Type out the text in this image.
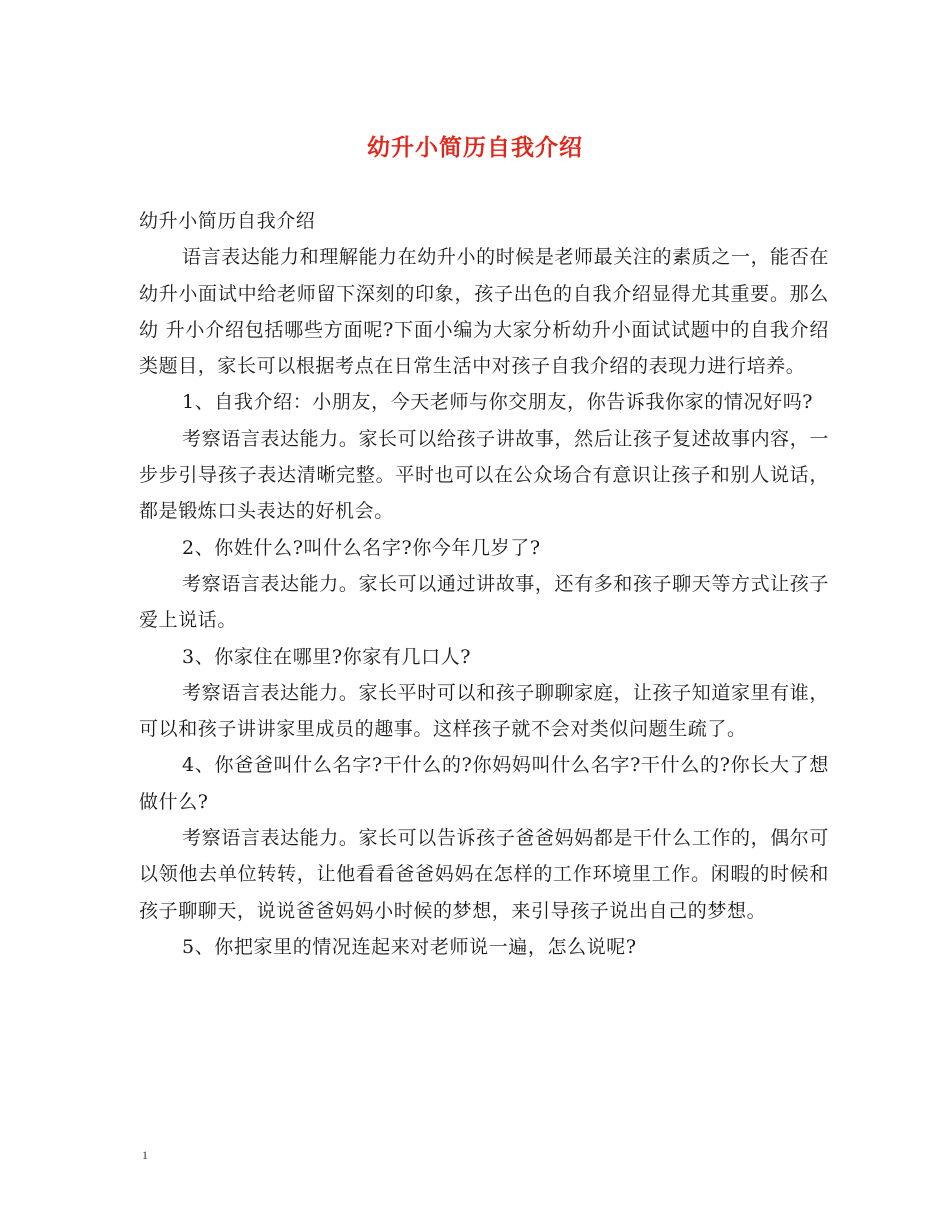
幼升小简历自我介绍

幼升小简历自我介绍

语言表达能力和理解能力在幼升小的时候是老师最关注的素质之一，能否在幼升小面试中给老师留下深刻的印象，孩子出色的自我介绍显得尤其重要。那么幼 升小介绍包括哪些方面呢?下面小编为大家分析幼升小面试试题中的自我介绍类题目，家长可以根据考点在日常生活中对孩子自我介绍的表现力进行培养。

1、自我介绍：小朋友，今天老师与你交朋友，你告诉我你家的情况好吗?

考察语言表达能力。家长可以给孩子讲故事，然后让孩子复述故事内容，一步步引导孩子表达清晰完整。平时也可以在公众场合有意识让孩子和别人说话，都是锻炼口头表达的好机会。

2、你姓什么?叫什么名字?你今年几岁了?

考察语言表达能力。家长可以通过讲故事，还有多和孩子聊天等方式让孩子爱上说话。

3、你家住在哪里?你家有几口人?

考察语言表达能力。家长平时可以和孩子聊聊家庭，让孩子知道家里有谁，可以和孩子讲讲家里成员的趣事。这样孩子就不会对类似问题生疏了。

4、你爸爸叫什么名字?干什么的?你妈妈叫什么名字?干什么的?你长大了想做什么?

考察语言表达能力。家长可以告诉孩子爸爸妈妈都是干什么工作的，偶尔可以领他去单位转转，让他看看爸爸妈妈在怎样的工作环境里工作。闲暇的时候和孩子聊聊天，说说爸爸妈妈小时候的梦想，来引导孩子说出自己的梦想。

5、你把家里的情况连起来对老师说一遍，怎么说呢?

1
